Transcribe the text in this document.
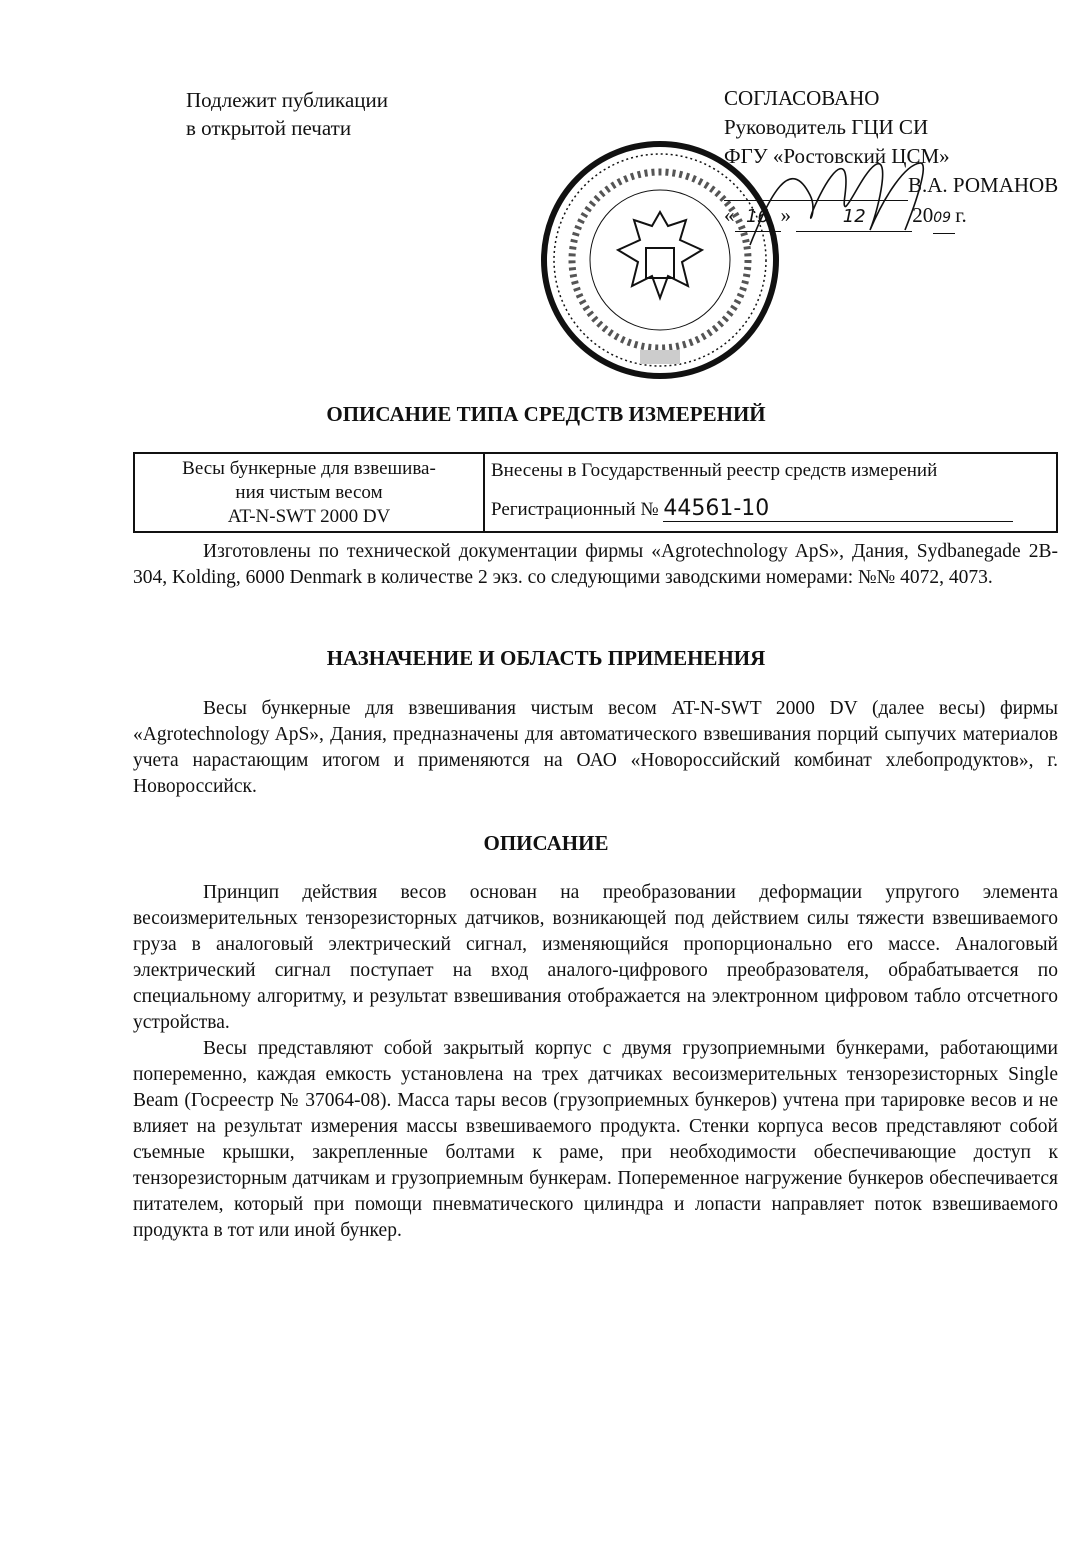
Подлежит публикации
в открытой печати
СОГЛАСОВАНО
Руководитель ГЦИ СИ
ФГУ «Ростовский ЦСМ»
В.А. РОМАНОВ
« 16 »	12 2009 г.
ОПИСАНИЕ ТИПА СРЕДСТВ ИЗМЕРЕНИЙ
Весы бункерные для взвешива-
ния чистым весом
AT-N-SWT 2000 DV
	Внесены в Государственный реестр средств измерений
Регистрационный № 44561-10

Изготовлены по технической документации фирмы «Agrotechnology ApS», Дания, Sydbanegade 2B-304, Kolding, 6000 Denmark в количестве 2 экз. со следующими заводскими номерами: №№ 4072, 4073.

НАЗНАЧЕНИЕ И ОБЛАСТЬ ПРИМЕНЕНИЯ

Весы бункерные для взвешивания чистым весом AT-N-SWT 2000 DV (далее весы) фирмы «Agrotechnology ApS», Дания, предназначены для автоматического взвешивания порций сыпучих материалов учета нарастающим итогом и применяются на ОАО «Новороссийский комбинат хлебопродуктов», г. Новороссийск.

ОПИСАНИЕ

Принцип действия весов основан на преобразовании деформации упругого элемента весоизмерительных тензорезисторных датчиков, возникающей под действием силы тяжести взвешиваемого груза в аналоговый электрический сигнал, изменяющийся пропорционально его массе. Аналоговый электрический сигнал поступает на вход аналого-цифрового преобразователя, обрабатывается по специальному алгоритму, и результат взвешивания отображается на электронном цифровом табло отсчетного устройства.

Весы представляют собой закрытый корпус с двумя грузоприемными бункерами, работающими попеременно, каждая емкость установлена на трех датчиках весоизмерительных тензорезисторных Single Beam (Госреестр № 37064-08). Масса тары весов (грузоприемных бункеров) учтена при тарировке весов и не влияет на результат измерения массы взвешиваемого продукта. Стенки корпуса весов представляют собой съемные крышки, закрепленные болтами к раме, при необходимости обеспечивающие доступ к тензорезисторным датчикам и грузоприемным бункерам. Попеременное нагружение бункеров обеспечивается питателем, который при помощи пневматического цилиндра и лопасти направляет поток взвешиваемого продукта в тот или иной бункер.
